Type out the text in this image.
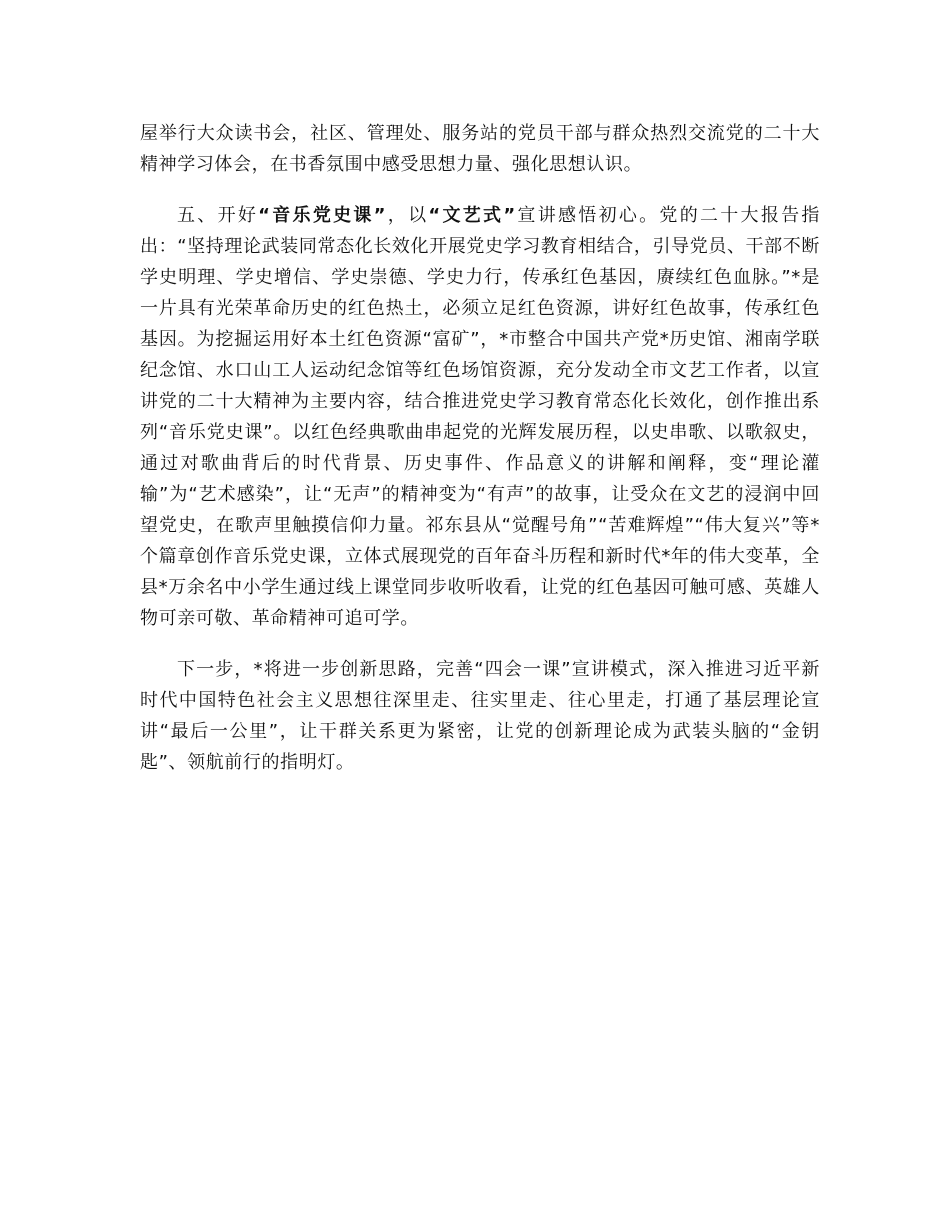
屋举行大众读书会，社区、管理处、服务站的党员干部与群众热烈交流党的二十大精神学习体会，在书香氛围中感受思想力量、强化思想认识。

五、开好“音乐党史课”，以“文艺式”宣讲感悟初心。党的二十大报告指出：“坚持理论武装同常态化长效化开展党史学习教育相结合，引导党员、干部不断学史明理、学史增信、学史崇德、学史力行，传承红色基因，赓续红色血脉。”*是一片具有光荣革命历史的红色热土，必须立足红色资源，讲好红色故事，传承红色基因。为挖掘运用好本土红色资源“富矿”，*市整合中国共产党*历史馆、湘南学联纪念馆、水口山工人运动纪念馆等红色场馆资源，充分发动全市文艺工作者，以宣讲党的二十大精神为主要内容，结合推进党史学习教育常态化长效化，创作推出系列“音乐党史课”。以红色经典歌曲串起党的光辉发展历程，以史串歌、以歌叙史，通过对歌曲背后的时代背景、历史事件、作品意义的讲解和阐释，变“理论灌输”为“艺术感染”，让“无声”的精神变为“有声”的故事，让受众在文艺的浸润中回望党史，在歌声里触摸信仰力量。祁东县从“觉醒号角”“苦难辉煌”“伟大复兴”等*个篇章创作音乐党史课，立体式展现党的百年奋斗历程和新时代*年的伟大变革，全县*万余名中小学生通过线上课堂同步收听收看，让党的红色基因可触可感、英雄人物可亲可敬、革命精神可追可学。

下一步，*将进一步创新思路，完善“四会一课”宣讲模式，深入推进习近平新时代中国特色社会主义思想往深里走、往实里走、往心里走，打通了基层理论宣讲“最后一公里”，让干群关系更为紧密，让党的创新理论成为武装头脑的“金钥匙”、领航前行的指明灯。
